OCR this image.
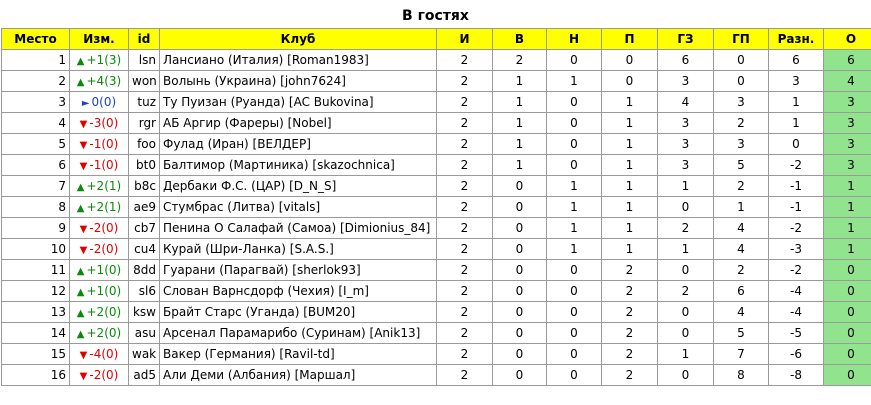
В гостях
Место	Изм.	id	Клуб	И	В	Н	П	ГЗ	ГП	Разн.	О
1	▲ +1(3)	lsn	Лансиано (Италия) [Roman1983]	2	2	0	0	6	0	6	6
2	▲ +4(3)	won	Волынь (Украина) [john7624]	2	1	1	0	3	0	3	4
3	► 0(0)	tuz	Ту Пуизан (Руанда) [AC Bukovina]	2	1	0	1	4	3	1	3
4	▼ -3(0)	rgr	АБ Аргир (Фарeры) [Nobel]	2	1	0	1	3	2	1	3
5	▼ -1(0)	foo	Фулад (Иран) [ВЕЛДЕР]	2	1	0	1	3	3	0	3
6	▼ -1(0)	bt0	Балтимор (Мартиника) [skazochnica]	2	1	0	1	3	5	-2	3
7	▲ +2(1)	b8c	Дербаки Ф.С. (ЦАР) [D_N_S]	2	0	1	1	1	2	-1	1
8	▲ +2(1)	ae9	Стумбрас (Литва) [vitals]	2	0	1	1	0	1	-1	1
9	▼ -2(0)	cb7	Пенина О Салафай (Самоа) [Dimionius_84]	2	0	1	1	2	4	-2	1
10	▼ -2(0)	cu4	Курай (Шри-Ланка) [S.A.S.]	2	0	1	1	1	4	-3	1
11	▲ +1(0)	8dd	Гуарани (Парагвай) [sherlok93]	2	0	0	2	0	2	-2	0
12	▲ +1(0)	sl6	Слован Варнсдорф (Чехия) [I_m]	2	0	0	2	2	6	-4	0
13	▲ +2(0)	ksw	Брайт Старс (Уганда) [BUM20]	2	0	0	2	0	4	-4	0
14	▲ +2(0)	asu	Арсенал Парамарибо (Суринам) [Anik13]	2	0	0	2	0	5	-5	0
15	▼ -4(0)	wak	Вакер (Германия) [Ravil-td]	2	0	0	2	1	7	-6	0
16	▼ -2(0)	ad5	Али Деми (Албания) [Маршал]	2	0	0	2	0	8	-8	0
